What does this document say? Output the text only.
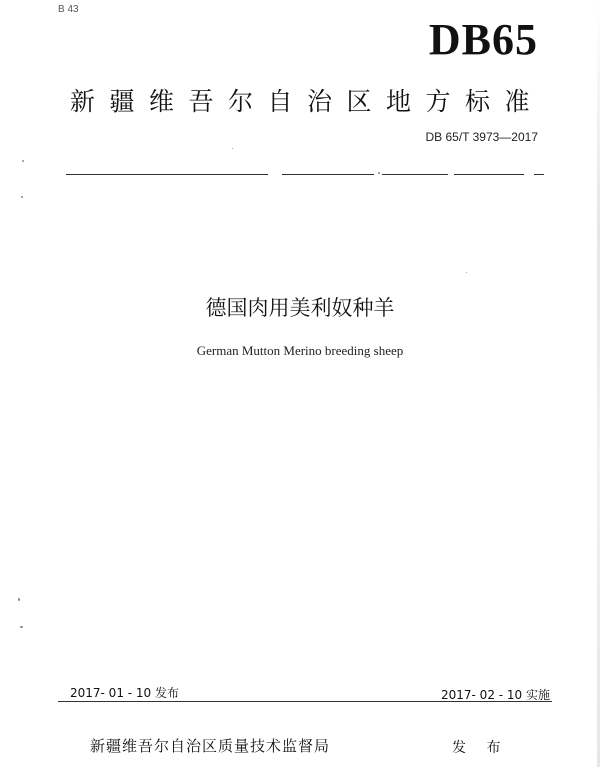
B 43
DB65
新疆维吾尔自治区地方标准
DB 65/T 3973—2017
德国肉用美利奴种羊
German Mutton Merino breeding sheep
2017- 01 - 10 发布	2017- 02 - 10 实施
新疆维吾尔自治区质量技术监督局	发 布
